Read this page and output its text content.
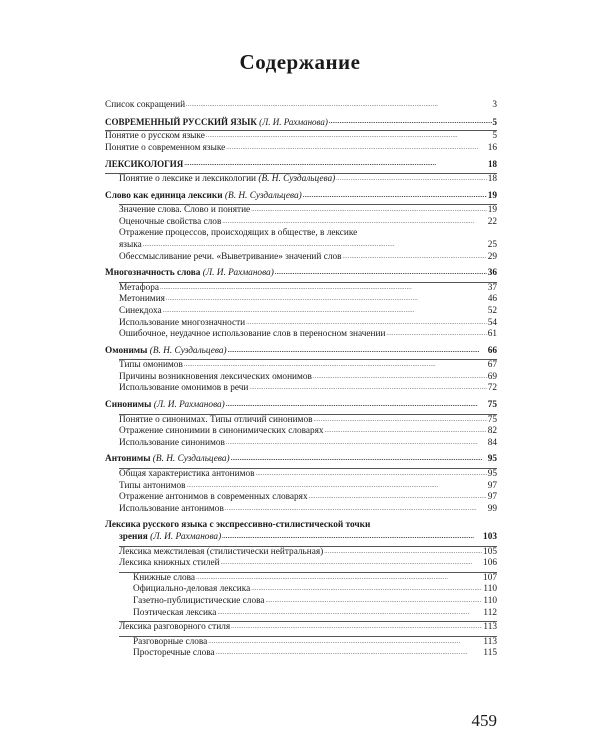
Содержание
Список сокращений . . .	3
СОВРЕМЕННЫЙ РУССКИЙ ЯЗЫК (Л. И. Рахманова) . . .	5
Понятие о русском языке . . .	5
Понятие о современном языке . . .	16
ЛЕКСИКОЛОГИЯ . . .	18
Понятие о лексике и лексикологии (В. Н. Суздальцева) . . .	18
Слово как единица лексики (В. Н. Суздальцева) . . .	19
Значение слова. Слово и понятие . . .	19
Оценочные свойства слов . . .	22
Отражение процессов, происходящих в обществе, в лексике
языка . . .	25
Обессмысливание речи. «Выветривание» значений слов . . .	29
Многозначность слова (Л. И. Рахманова) . . .	36
Метафора . . .	37
Метонимия . . .	46
Синекдоха . . .	52
Использование многозначности . . .	54
Ошибочное, неудачное использование слов в переносном значении . . .	61
Омонимы (В. Н. Суздальцева) . . .	66
Типы омонимов . . .	67
Причины возникновения лексических омонимов . . .	69
Использование омонимов в речи . . .	72
Синонимы (Л. И. Рахманова) . . .	75
Понятие о синонимах. Типы отличий синонимов . . .	75
Отражение синонимии в синонимических словарях . . .	82
Использование синонимов . . .	84
Антонимы (В. Н. Суздальцева) . . .	95
Общая характеристика антонимов . . .	95
Типы антонимов . . .	97
Отражение антонимов в современных словарях . . .	97
Использование антонимов . . .	99
Лексика русского языка с экспрессивно-стилистической точки
зрения (Л. И. Рахманова) . . .	103
Лексика межстилевая (стилистически нейтральная) . . .	105
Лексика книжных стилей . . .	106
Книжные слова . . .	107
Официально-деловая лексика . . .	110
Газетно-публицистические слова . . .	110
Поэтическая лексика . . .	112
Лексика разговорного стиля . . .	113
Разговорные слова . . .	113
Просторечные слова . . .	115
459
